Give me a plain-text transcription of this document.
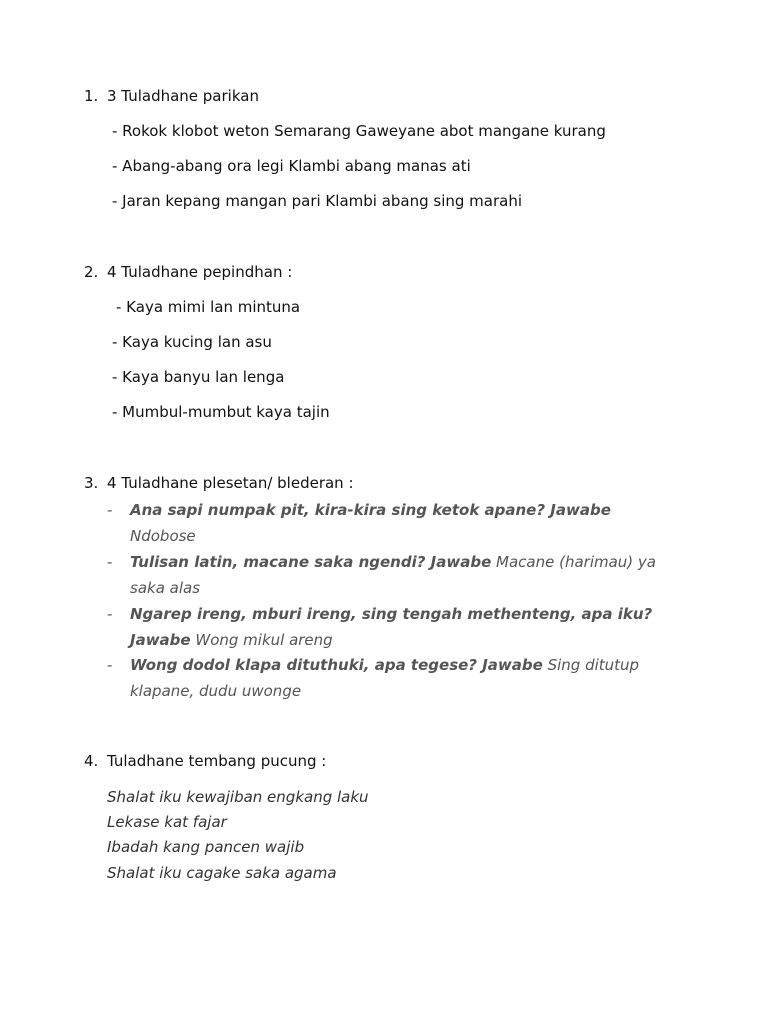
1. 3 Tuladhane parikan
- Rokok klobot weton Semarang Gaweyane abot mangane kurang
- Abang-abang ora legi Klambi abang manas ati
- Jaran kepang mangan pari Klambi abang sing marahi
2. 4 Tuladhane pepindhan :
- Kaya mimi lan mintuna
- Kaya kucing lan asu
- Kaya banyu lan lenga
- Mumbul-mumbut kaya tajin
3. 4 Tuladhane plesetan/ blederan :
- Ana sapi numpak pit, kira-kira sing ketok apane? Jawabe
Ndobose
- Tulisan latin, macane saka ngendi? Jawabe Macane (harimau) ya
saka alas
- Ngarep ireng, mburi ireng, sing tengah methenteng, apa iku?
Jawabe Wong mikul areng
- Wong dodol klapa dituthuki, apa tegese? Jawabe Sing ditutup
klapane, dudu uwonge
4. Tuladhane tembang pucung :
Shalat iku kewajiban engkang laku
Lekase kat fajar
Ibadah kang pancen wajib
Shalat iku cagake saka agama
